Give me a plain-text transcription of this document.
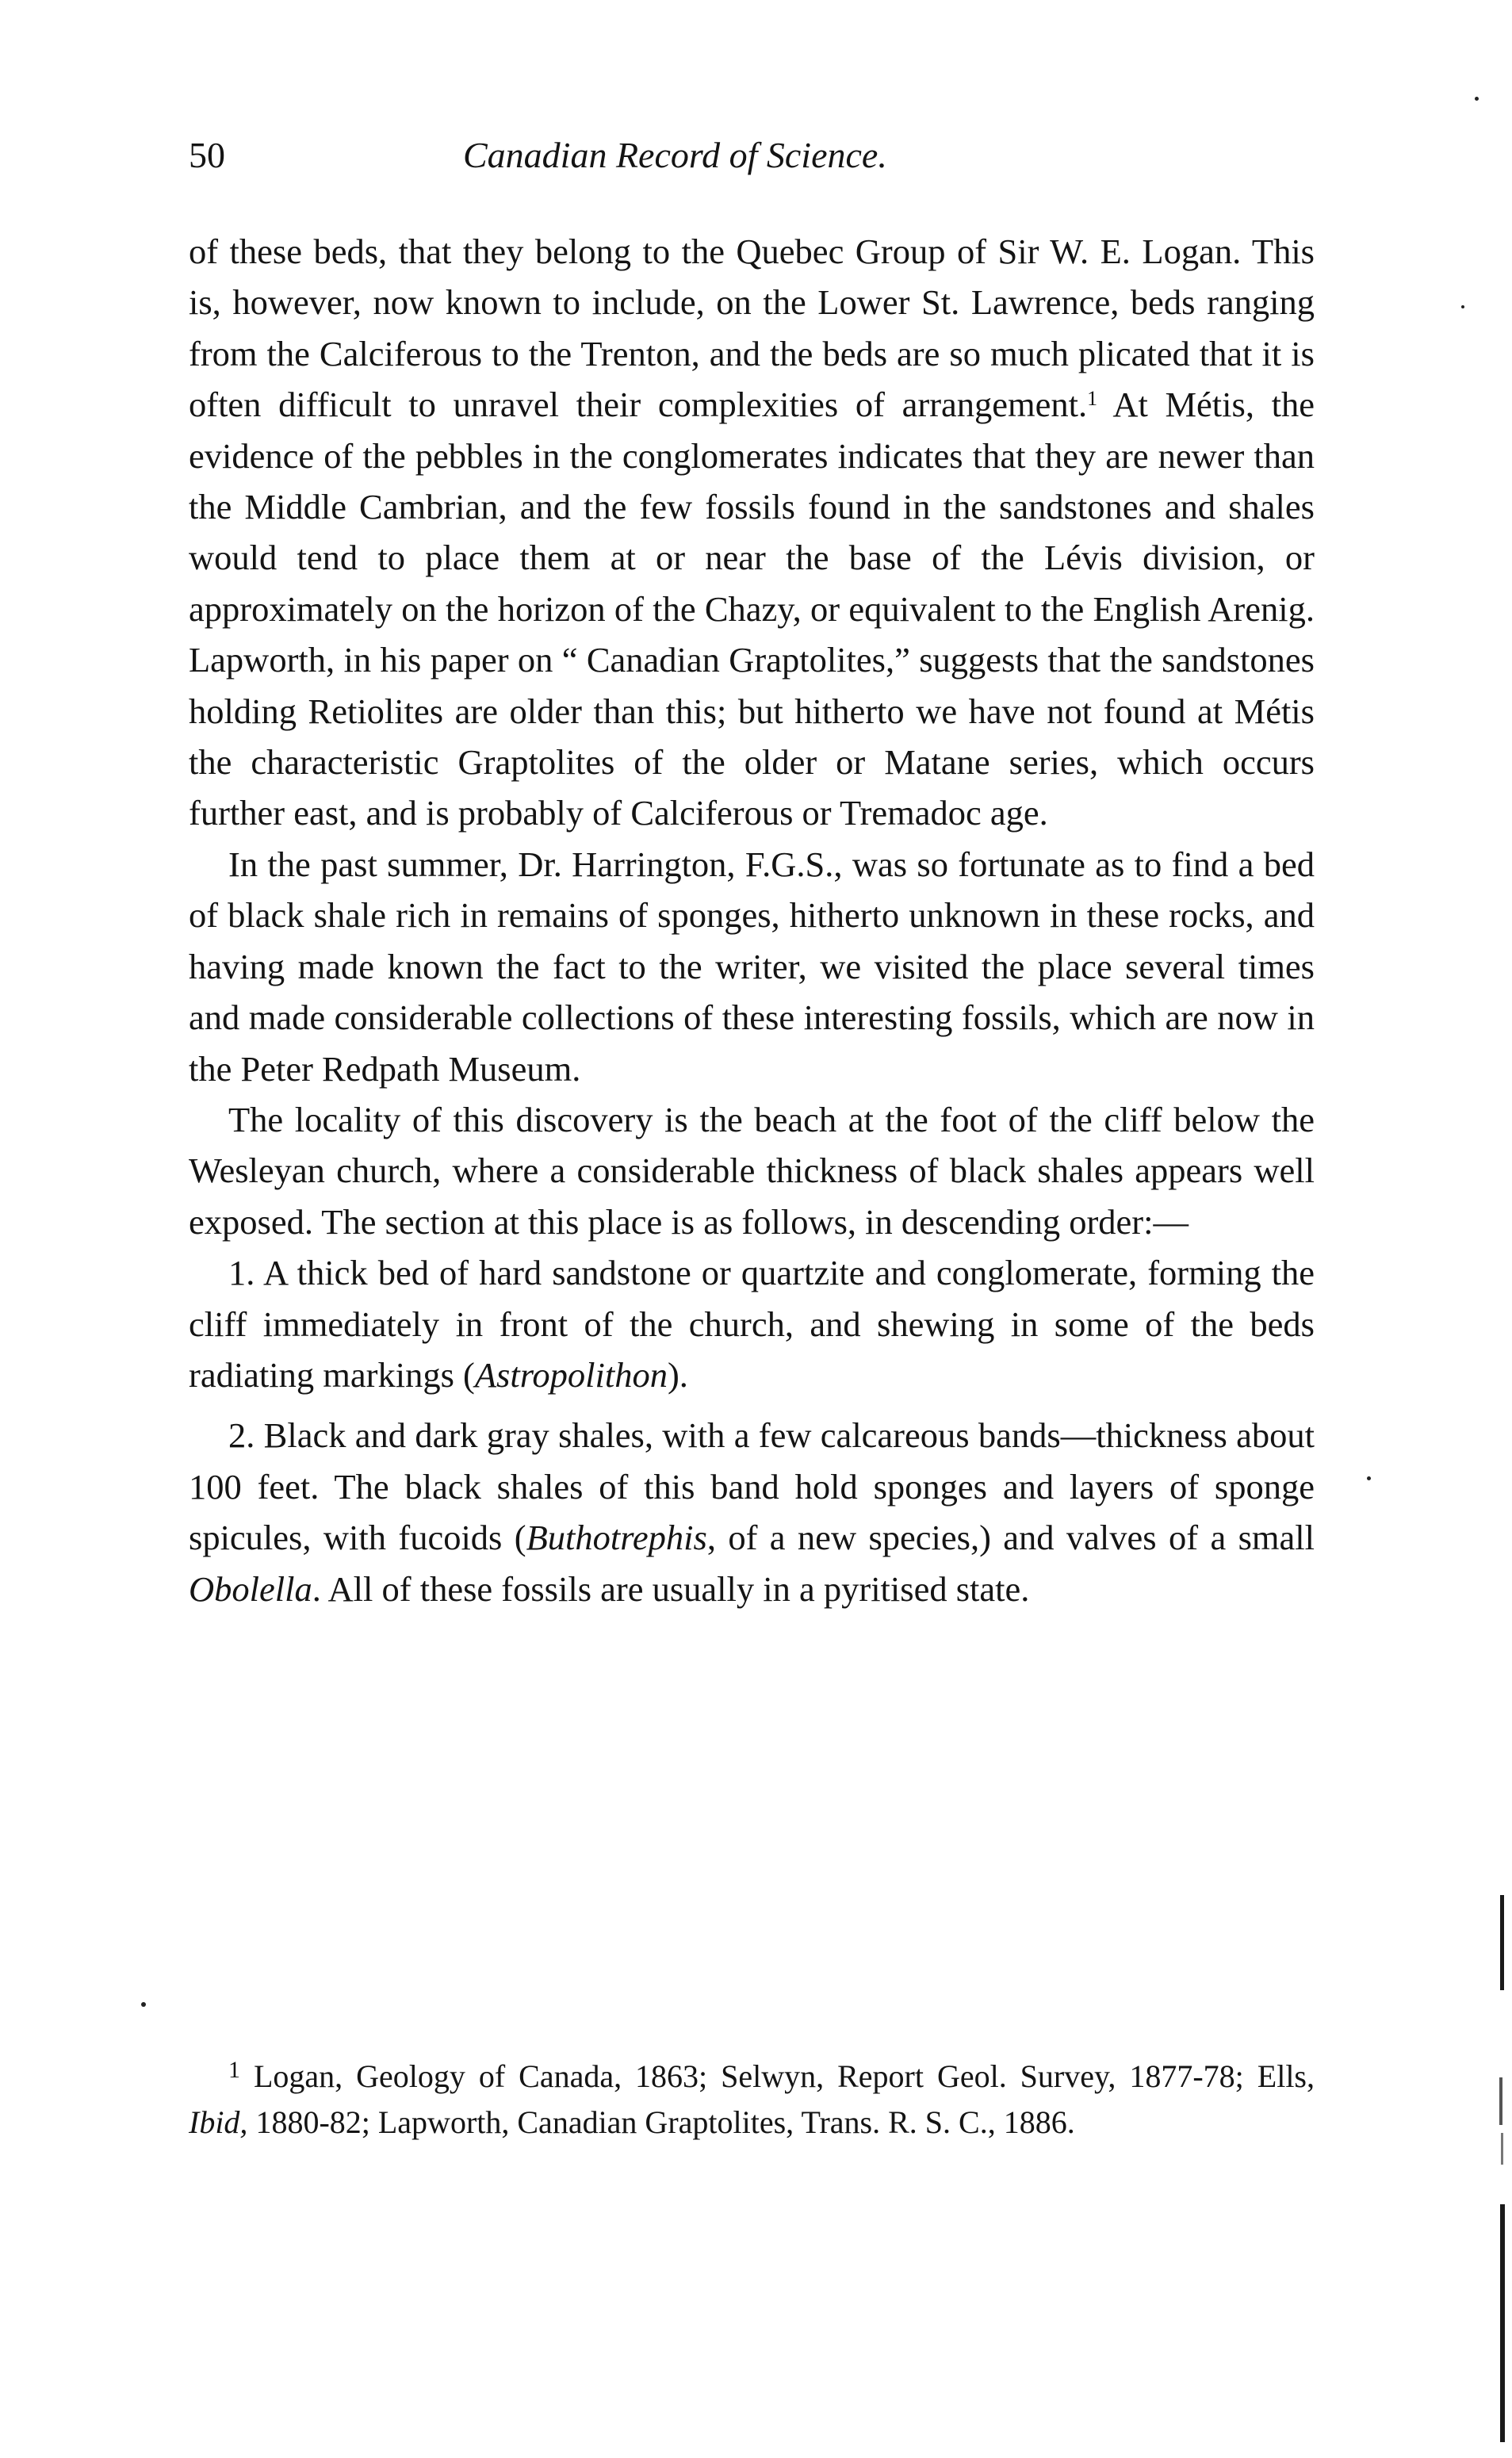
50	Canadian Record of Science.

of these beds, that they belong to the Quebec Group of Sir W. E. Logan. This is, however, now known to include, on the Lower St. Lawrence, beds ranging from the Calciferous to the Trenton, and the beds are so much plicated that it is often difficult to unravel their complexities of arrangement.$^1$ At Métis, the evidence of the pebbles in the conglomerates indicates that they are newer than the Middle Cambrian, and the few fossils found in the sandstones and shales would tend to place them at or near the base of the Lévis division, or approximately on the horizon of the Chazy, or equivalent to the English Arenig. Lapworth, in his paper on “ Canadian Graptolites,” suggests that the sandstones holding Retiolites are older than this; but hitherto we have not found at Métis the characteristic Graptolites of the older or Matane series, which occurs further east, and is probably of Calciferous or Tremadoc age.

In the past summer, Dr. Harrington, F.G.S., was so fortunate as to find a bed of black shale rich in remains of sponges, hitherto unknown in these rocks, and having made known the fact to the writer, we visited the place several times and made considerable collections of these interesting fossils, which are now in the Peter Redpath Museum.

The locality of this discovery is the beach at the foot of the cliff below the Wesleyan church, where a considerable thickness of black shales appears well exposed. The section at this place is as follows, in descending order:—

1. A thick bed of hard sandstone or quartzite and conglomerate, forming the cliff immediately in front of the church, and shewing in some of the beds radiating markings (Astropolithon).

2. Black and dark gray shales, with a few calcareous bands—thickness about 100 feet. The black shales of this band hold sponges and layers of sponge spicules, with fucoids (Buthotrephis, of a new species,) and valves of a small Obolella. All of these fossils are usually in a pyritised state.

$^1$ Logan, Geology of Canada, 1863; Selwyn, Report Geol. Survey, 1877-78; Ells, Ibid, 1880-82; Lapworth, Canadian Graptolites, Trans. R. S. C., 1886.
